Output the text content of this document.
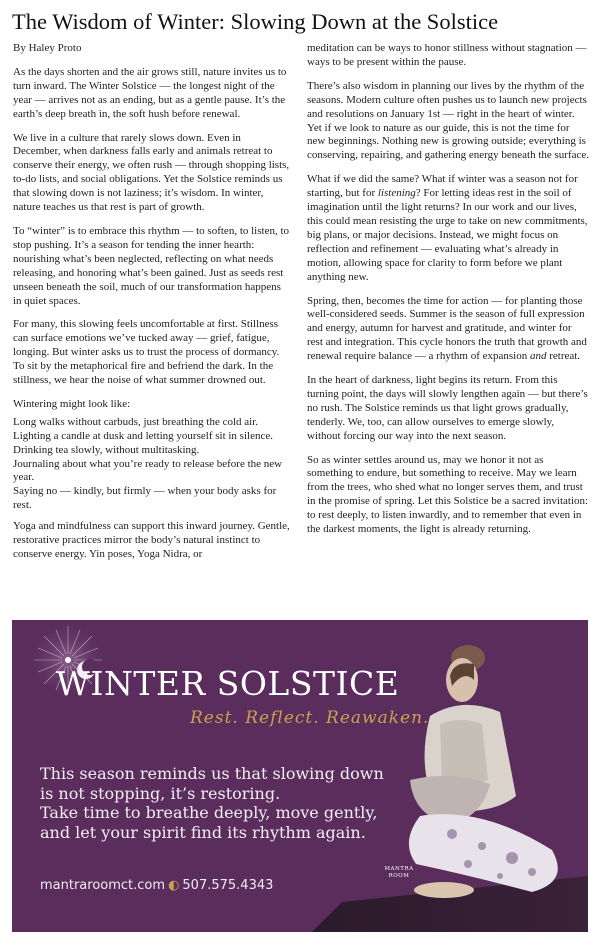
The Wisdom of Winter: Slowing Down at the Solstice

By Haley Proto

As the days shorten and the air grows still, nature invites us to turn inward. The Winter Solstice — the longest night of the year — arrives not as an ending, but as a gentle pause. It’s the earth’s deep breath in, the soft hush before renewal.

We live in a culture that rarely slows down. Even in December, when darkness falls early and animals retreat to conserve their energy, we often rush — through shopping lists, to-do lists, and social obligations. Yet the Solstice reminds us that slowing down is not laziness; it’s wisdom. In winter, nature teaches us that rest is part of growth.

To “winter” is to embrace this rhythm — to soften, to listen, to stop pushing. It’s a season for tending the inner hearth: nourishing what’s been neglected, reflecting on what needs releasing, and honoring what’s been gained. Just as seeds rest unseen beneath the soil, much of our transformation happens in quiet spaces.

For many, this slowing feels uncomfortable at first. Stillness can surface emotions we’ve tucked away — grief, fatigue, longing. But winter asks us to trust the process of dormancy. To sit by the metaphorical fire and befriend the dark. In the stillness, we hear the noise of what summer drowned out.

Wintering might look like:

Long walks without carbuds, just breathing the cold air.

Lighting a candle at dusk and letting yourself sit in silence.

Drinking tea slowly, without multitasking.

Journaling about what you’re ready to release before the new year.

Saying no — kindly, but firmly — when your body asks for rest.

Yoga and mindfulness can support this inward journey. Gentle, restorative practices mirror the body’s natural instinct to conserve energy. Yin poses, Yoga Nidra, or

meditation can be ways to honor stillness without stagnation — ways to be present within the pause.

There’s also wisdom in planning our lives by the rhythm of the seasons. Modern culture often pushes us to launch new projects and resolutions on January 1st — right in the heart of winter. Yet if we look to nature as our guide, this is not the time for new beginnings. Nothing new is growing outside; everything is conserving, repairing, and gathering energy beneath the surface.

What if we did the same? What if winter was a season not for starting, but for listening? For letting ideas rest in the soil of imagination until the light returns? In our work and our lives, this could mean resisting the urge to take on new commitments, big plans, or major decisions. Instead, we might focus on reflection and refinement — evaluating what’s already in motion, allowing space for clarity to form before we plant anything new.

Spring, then, becomes the time for action — for planting those well-considered seeds. Summer is the season of full expression and energy, autumn for harvest and gratitude, and winter for rest and integration. This cycle honors the truth that growth and renewal require balance — a rhythm of expansion and retreat.

In the heart of darkness, light begins its return. From this turning point, the days will slowly lengthen again — but there’s no rush. The Solstice reminds us that light grows gradually, tenderly. We, too, can allow ourselves to emerge slowly, without forcing our way into the next season.

So as winter settles around us, may we honor it not as something to endure, but something to receive. May we learn from the trees, who shed what no longer serves them, and trust in the promise of spring. Let this Solstice be a sacred invitation: to rest deeply, to listen inwardly, and to remember that even in the darkest moments, the light is already returning.

WINTER SOLSTICE
Rest. Reflect. Reawaken.
This season reminds us that slowing down
is not stopping, it’s restoring.
Take time to breathe deeply, move gently,
and let your spirit find its rhythm again.
mantraroomct.com ◐ 507.575.4343
MANTRA
ROOM
